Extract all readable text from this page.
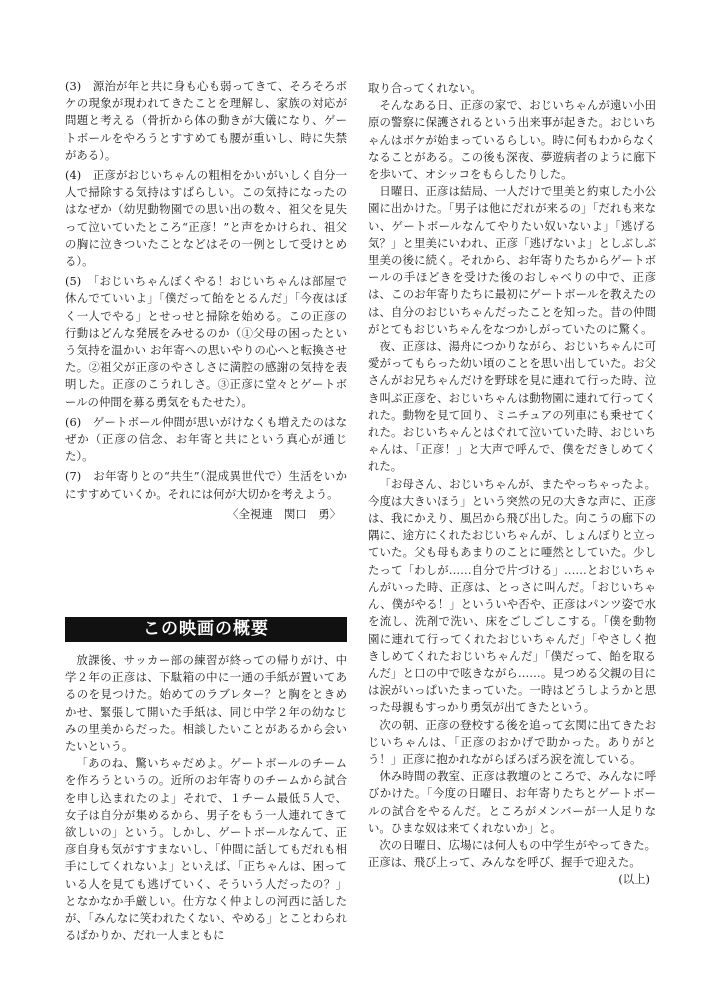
(3)　源治が年と共に身も心も弱ってきて、そろそろボケの現象が現われてきたことを理解し、家族の対応が問題と考える（骨折から体の動きが大儀になり、ゲートボールをやろうとすすめても腰が重いし、時に失禁がある）。

(4)　正彦がおじいちゃんの粗相をかいがいしく自分一人で掃除する気持はすばらしい。この気持になったのはなぜか（幼児動物園での思い出の数々、祖父を見失って泣いていたところ“正彦！”と声をかけられ、祖父の胸に泣きついたことなどはその一例として受けとめる）。

(5)　「おじいちゃんぼくやる！おじいちゃんは部屋で休んでていいよ」「僕だって飴をとるんだ」「今夜はぼく一人でやる」とせっせと掃除を始める。この正彦の行動はどんな発展をみせるのか（①父母の困ったという気持を温かい お年寄への思いやりの心へと転換させた。②祖父が正彦のやさしさに満腔の感謝の気持を表明した。正彦のこうれしさ。③正彦に堂々とゲートボールの仲間を募る勇気をもたせた）。

(6)　ゲートボール仲間が思いがけなくも増えたのはなぜか（正彦の信念、お年寄と共にという真心が通じた）。

(7)　お年寄りとの“共生”（混成異世代で）生活をいかにすすめていくか。それには何が大切かを考えよう。

〈全視連　関口　勇〉

この映画の概要

放課後、サッカー部の練習が終っての帰りがけ、中学２年の正彦は、下駄箱の中に一通の手紙が置いてあるのを見つけた。始めてのラブレター？と胸をときめかせ、緊張して開いた手紙は、同じ中学２年の幼なじみの里美からだった。相談したいことがあるから会いたいという。

「あのね、驚いちゃだめよ。ゲートボールのチームを作ろうというの。近所のお年寄りのチームから試合を申し込まれたのよ」それで、１チーム最低５人で、女子は自分が集めるから、男子をもう一人連れてきて欲しいの」という。しかし、ゲートボールなんて、正彦自身も気がすすまないし、「仲間に話してもだれも相手にしてくれないよ」といえば、「正ちゃんは、困っている人を見ても逃げていく、そういう人だったの？」となかなか手厳しい。仕方なく仲よしの河西に話したが、「みんなに笑われたくない、やめる」とことわられるばかりか、だれ一人まともに

取り合ってくれない。

そんなある日、正彦の家で、おじいちゃんが遠い小田原の警察に保護されるという出来事が起きた。おじいちゃんはボケが始まっているらしい。時に何もわからなくなることがある。この後も深夜、夢遊病者のように廊下を歩いて、オシッコをもらしたりした。

日曜日、正彦は結局、一人だけで里美と約束した小公園に出かけた。「男子は他にだれが来るの」「だれも来ない、ゲートボールなんてやりたい奴いないよ」「逃げる気？」と里美にいわれ、正彦「逃げないよ」としぶしぶ里美の後に続く。それから、お年寄りたちからゲートボールの手ほどきを受けた後のおしゃべりの中で、正彦は、このお年寄りたちに最初にゲートボールを教えたのは、自分のおじいちゃんだったことを知った。昔の仲間がとてもおじいちゃんをなつかしがっていたのに驚く。

夜、正彦は、湯舟につかりながら、おじいちゃんに可愛がってもらった幼い頃のことを思い出していた。お父さんがお兄ちゃんだけを野球を見に連れて行った時、泣き叫ぶ正彦を、おじいちゃんは動物園に連れて行ってくれた。動物を見て回り、ミニチュアの列車にも乗せてくれた。おじいちゃんとはぐれて泣いていた時、おじいちゃんは、「正彦！」と大声で呼んで、僕をだきしめてくれた。

「お母さん、おじいちゃんが、またやっちゃったよ。今度は大きいほう」という突然の兄の大きな声に、正彦は、我にかえり、風呂から飛び出した。向こうの廊下の隅に、途方にくれたおじいちゃんが、しょんぼりと立っていた。父も母もあまりのことに唖然としていた。少したって「わしが……自分で片づける」……とおじいちゃんがいった時、正彦は、とっさに叫んだ。「おじいちゃん、僕がやる！」といういや否や、正彦はパンツ姿で水を流し、洗剤で洗い、床をごしごしこする。「僕を動物園に連れて行ってくれたおじいちゃんだ」「やさしく抱きしめてくれたおじいちゃんだ」「僕だって、飴を取るんだ」と口の中で呟きながら……。見つめる父親の目には涙がいっぱいたまっていた。一時はどうしようかと思った母親もすっかり勇気が出てきたという。

次の朝、正彦の登校する後を追って玄関に出てきたおじいちゃんは、「正彦のおかげで助かった。ありがとう！」正彦に抱かれながらぽろぽろ涙を流している。

休み時間の教室、正彦は教壇のところで、みんなに呼びかけた。「今度の日曜日、お年寄りたちとゲートボールの試合をやるんだ。ところがメンバーが一人足りない。ひまな奴は来てくれないか」と。

次の日曜日、広場には何人もの中学生がやってきた。正彦は、飛び上って、みんなを呼び、握手で迎えた。

(以上)
